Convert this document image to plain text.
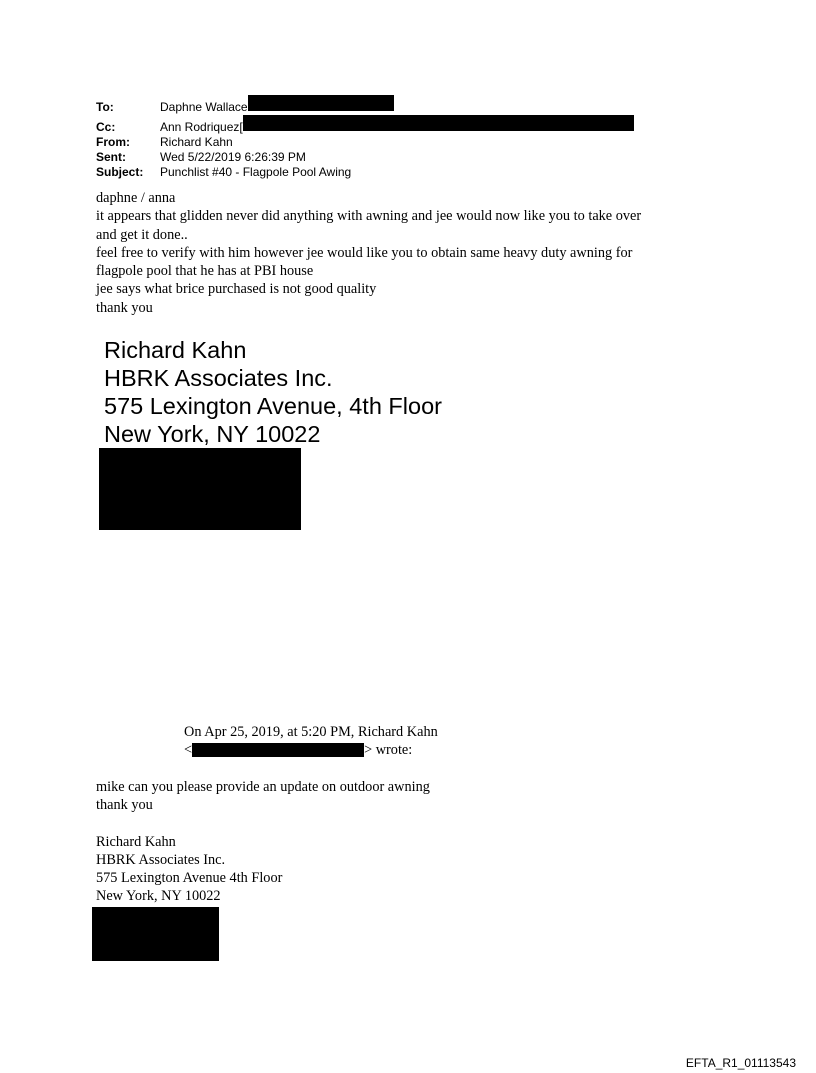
To:	Daphne Wallace
Cc:	Ann Rodriquez[
From:	Richard Kahn
Sent:	Wed 5/22/2019 6:26:39 PM
Subject:	Punchlist #40 - Flagpole Pool Awing

daphne / anna

it appears that glidden never did anything with awning and jee would now like you to take over

and get it done..

feel free to verify with him however jee would like you to obtain same heavy duty awning for

flagpole pool that he has at PBI house

jee says what brice purchased is not good quality

thank you

Richard Kahn
HBRK Associates Inc.
575 Lexington Avenue, 4th Floor
New York, NY 10022
On Apr 25, 2019, at 5:20 PM, Richard Kahn
<	> wrote:

mike can you please provide an update on outdoor awning

thank you

Richard Kahn
HBRK Associates Inc.
575 Lexington Avenue 4th Floor
New York, NY 10022
EFTA_R1_01113543
